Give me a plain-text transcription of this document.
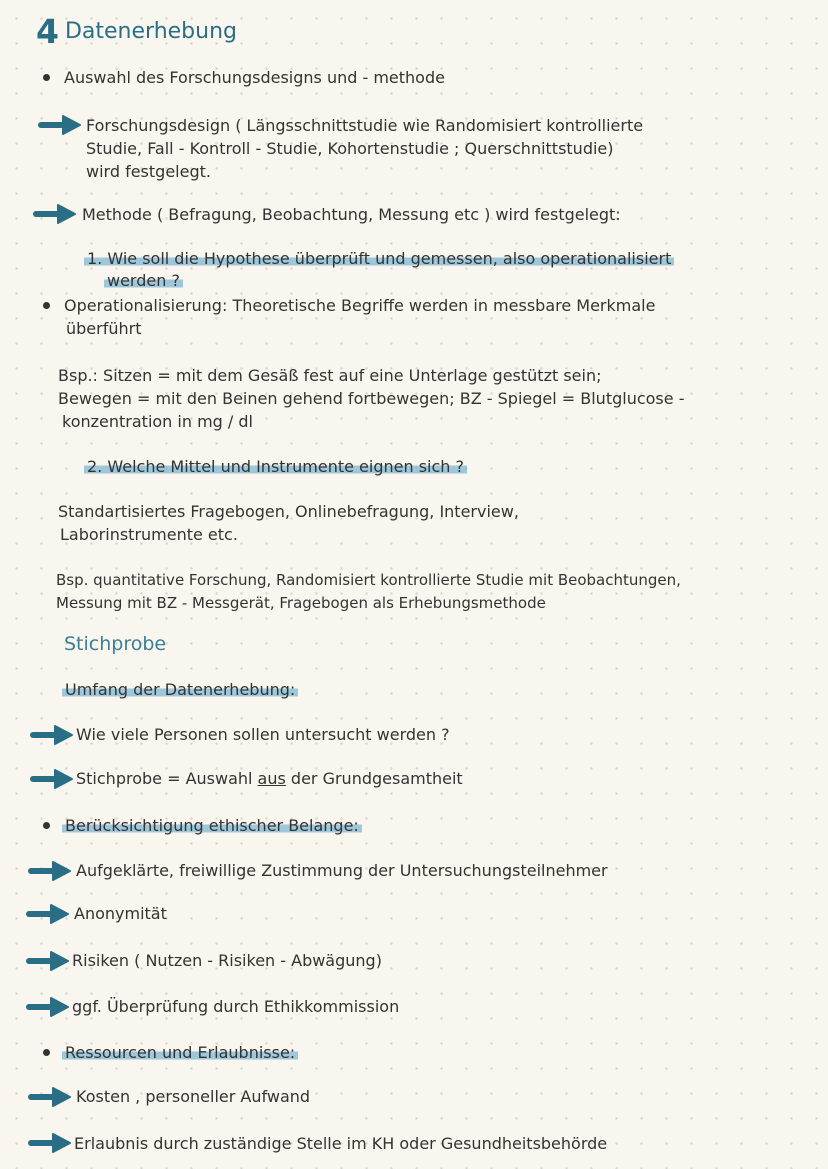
4 Datenerhebung
Auswahl des Forschungsdesigns und - methode
Forschungsdesign ( Längsschnittstudie wie Randomisiert kontrollierte
Studie, Fall - Kontroll - Studie, Kohortenstudie ; Querschnittstudie)
wird festgelegt.
Methode ( Befragung, Beobachtung, Messung etc ) wird festgelegt:
1. Wie soll die Hypothese überprüft und gemessen, also operationalisiert
werden ?
Operationalisierung: Theoretische Begriffe werden in messbare Merkmale
überführt
Bsp.: Sitzen = mit dem Gesäß fest auf eine Unterlage gestützt sein;
Bewegen = mit den Beinen gehend fortbewegen; BZ - Spiegel = Blutglucose -
konzentration in mg / dl
2. Welche Mittel und Instrumente eignen sich ?
Standartisiertes Fragebogen, Onlinebefragung, Interview,
Laborinstrumente etc.
Bsp. quantitative Forschung, Randomisiert kontrollierte Studie mit Beobachtungen,
Messung mit BZ - Messgerät, Fragebogen als Erhebungsmethode
Stichprobe
Umfang der Datenerhebung:
Wie viele Personen sollen untersucht werden ?
Stichprobe = Auswahl aus der Grundgesamtheit
Berücksichtigung ethischer Belange:
Aufgeklärte, freiwillige Zustimmung der Untersuchungsteilnehmer
Anonymität
Risiken ( Nutzen - Risiken - Abwägung)
ggf. Überprüfung durch Ethikkommission
Ressourcen und Erlaubnisse:
Kosten , personeller Aufwand
Erlaubnis durch zuständige Stelle im KH oder Gesundheitsbehörde
